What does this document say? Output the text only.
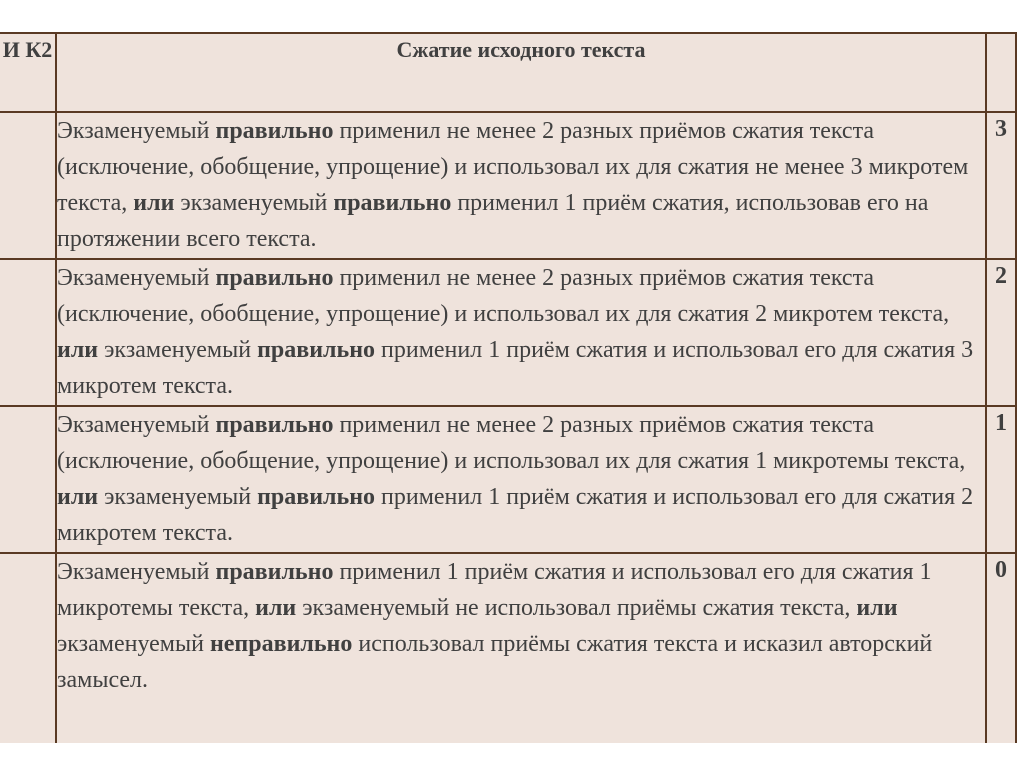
И К2	Сжатие исходного текста	
	Экзаменуемый правильно применил не менее 2 разных приёмов сжатия текста (исключение, обобщение, упрощение) и использовал их для сжатия не менее 3 микротем текста, или экзаменуемый правильно применил 1 приём сжатия, использовав его на протяжении всего текста.	3
	Экзаменуемый правильно применил не менее 2 разных приёмов сжатия текста (исключение, обобщение, упрощение) и использовал их для сжатия 2 микротем текста, или экзаменуемый правильно применил 1 приём сжатия и использовал его для сжатия 3 микротем текста.	2
	Экзаменуемый правильно применил не менее 2 разных приёмов сжатия текста (исключение, обобщение, упрощение) и использовал их для сжатия 1 микротемы текста, или экзаменуемый правильно применил 1 приём сжатия и использовал его для сжатия 2 микротем текста.	1
	Экзаменуемый правильно применил 1 приём сжатия и использовал его для сжатия 1 микротемы текста, или экзаменуемый не использовал приёмы сжатия текста, или экзаменуемый неправильно использовал приёмы сжатия текста и исказил авторский замысел.	0
